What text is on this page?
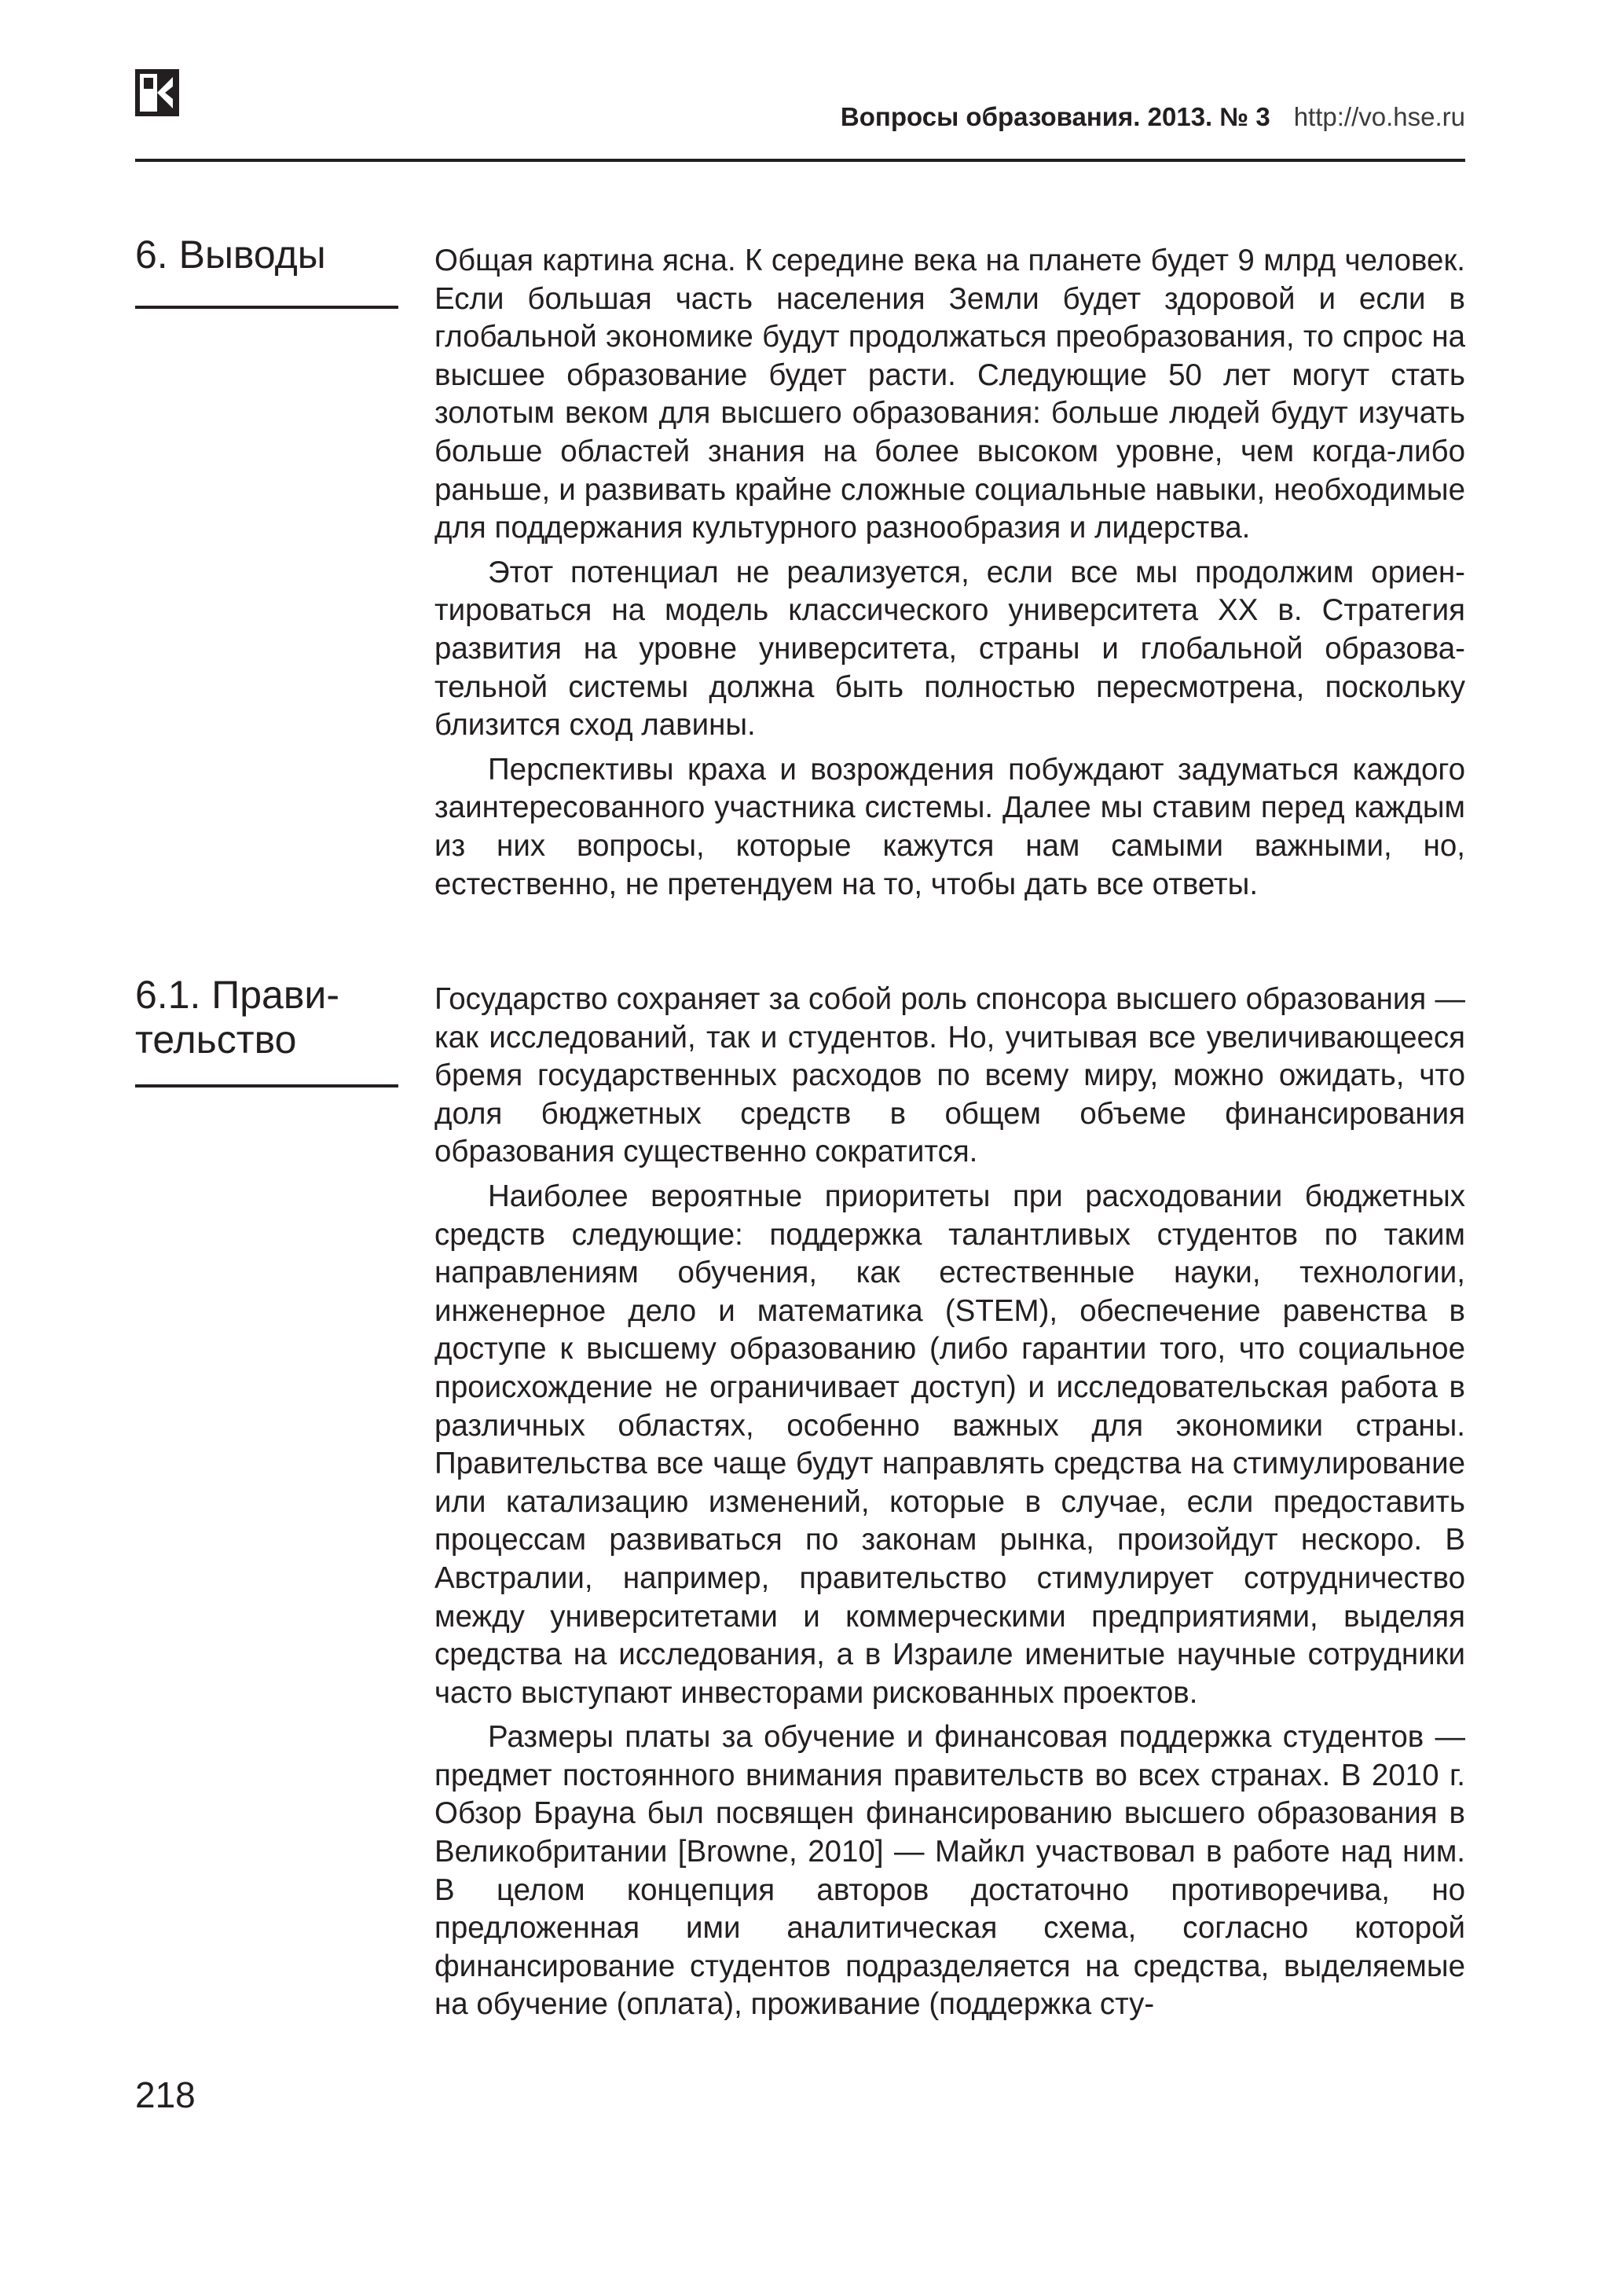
Вопросы образования. 2013. № 3 http://vo.hse.ru
6. Выводы	Общая картина ясна. К середине века на планете будет 9 млрд человек. Если большая часть населения Земли будет здоровой и если в глобальной экономике будут продолжаться преобразования, то спрос на высшее образование будет расти. Следующие 50 лет могут стать золотым веком для высшего образования: больше людей будут изучать больше областей знания на более высоком уровне, чем когда-либо раньше, и развивать крайне сложные социальные навыки, необходимые для поддержания культурного разнообразия и лидерства.

Этот потенциал не реализуется, если все мы продолжим ориентироваться на модель классического университета XX в. Стратегия развития на уровне университета, страны и глобальной образовательной системы должна быть полностью пересмотрена, поскольку близится сход лавины.

Перспективы краха и возрождения побуждают задуматься каждого заинтересованного участника системы. Далее мы ставим перед каждым из них вопросы, которые кажутся нам самыми важными, но, естественно, не претендуем на то, чтобы дать все ответы.

6.1. Прави-
тельство

Государство сохраняет за собой роль спонсора высшего образования — как исследований, так и студентов. Но, учитывая все увеличивающееся бремя государственных расходов по всему миру, можно ожидать, что доля бюджетных средств в общем объеме финансирования образования существенно сократится.

Наиболее вероятные приоритеты при расходовании бюджетных средств следующие: поддержка талантливых студентов по таким направлениям обучения, как естественные науки, технологии, инженерное дело и математика (STEM), обеспечение равенства в доступе к высшему образованию (либо гарантии того, что социальное происхождение не ограничивает доступ) и исследовательская работа в различных областях, особенно важных для экономики страны. Правительства все чаще будут направлять средства на стимулирование или катализацию изменений, которые в случае, если предоставить процессам развиваться по законам рынка, произойдут нескоро. В Австралии, например, правительство стимулирует сотрудничество между университетами и коммерческими предприятиями, выделяя средства на исследования, а в Израиле именитые научные сотрудники часто выступают инвесторами рискованных проектов.

Размеры платы за обучение и финансовая поддержка студентов — предмет постоянного внимания правительств во всех странах. В 2010 г. Обзор Брауна был посвящен финансированию высшего образования в Великобритании [Browne, 2010] — Майкл участвовал в работе над ним. В целом концепция авторов достаточно противоречива, но предложенная ими аналитическая схема, согласно которой финансирование студентов подразделяется на средства, выделяемые на обучение (оплата), проживание (поддержка сту-

218
